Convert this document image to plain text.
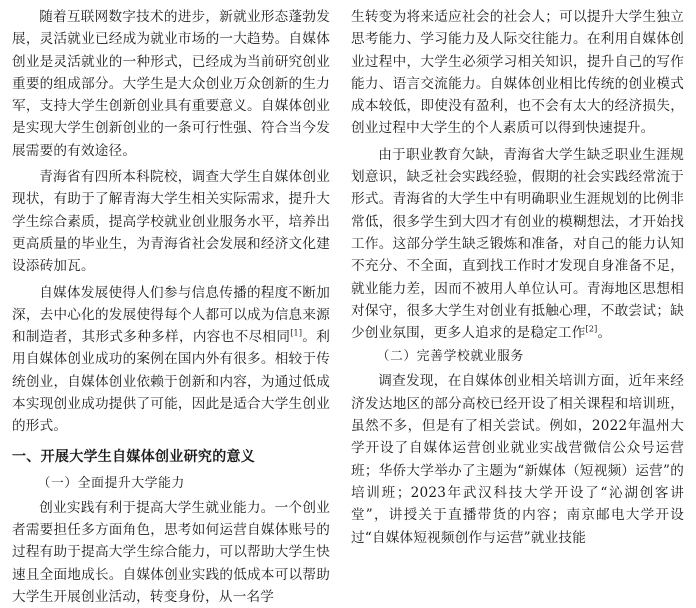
随着互联网数字技术的进步，新就业形态蓬勃发展，灵活就业已经成为就业市场的一大趋势。自媒体创业是灵活就业的一种形式，已经成为当前研究创业重要的组成部分。大学生是大众创业万众创新的生力军，支持大学生创新创业具有重要意义。自媒体创业是实现大学生创新创业的一条可行性强、符合当今发展需要的有效途径。

青海省有四所本科院校，调查大学生自媒体创业现状，有助于了解青海大学生相关实际需求，提升大学生综合素质，提高学校就业创业服务水平，培养出更高质量的毕业生，为青海省社会发展和经济文化建设添砖加瓦。

自媒体发展使得人们参与信息传播的程度不断加深，去中心化的发展使得每个人都可以成为信息来源和制造者，其形式多种多样，内容也不尽相同[1]。利用自媒体创业成功的案例在国内外有很多。相较于传统创业，自媒体创业依赖于创新和内容，为通过低成本实现创业成功提供了可能，因此是适合大学生创业的形式。

一、开展大学生自媒体创业研究的意义
（一）全面提升大学能力

创业实践有利于提高大学生就业能力。一个创业者需要担任多方面角色，思考如何运营自媒体账号的过程有助于提高大学生综合能力，可以帮助大学生快速且全面地成长。自媒体创业实践的低成本可以帮助大学生开展创业活动，转变身份，从一名学

生转变为将来适应社会的社会人；可以提升大学生独立思考能力、学习能力及人际交往能力。在利用自媒体创业过程中，大学生必须学习相关知识，提升自己的写作能力、语言交流能力。自媒体创业相比传统的创业模式成本较低，即使没有盈利，也不会有太大的经济损失，创业过程中大学生的个人素质可以得到快速提升。

由于职业教育欠缺，青海省大学生缺乏职业生涯规划意识，缺乏社会实践经验，假期的社会实践经常流于形式。青海省的大学生中有明确职业生涯规划的比例非常低，很多学生到大四才有创业的模糊想法，才开始找工作。这部分学生缺乏锻炼和准备，对自己的能力认知不充分、不全面，直到找工作时才发现自身准备不足，就业能力差，因而不被用人单位认可。青海地区思想相对保守，很多大学生对创业有抵触心理，不敢尝试；缺少创业氛围，更多人追求的是稳定工作[2]。

（二）完善学校就业服务

调查发现，在自媒体创业相关培训方面，近年来经济发达地区的部分高校已经开设了相关课程和培训班，虽然不多，但是有了相关尝试。例如，2022年温州大学开设了自媒体运营创业就业实战营微信公众号运营班；华侨大学举办了主题为“新媒体（短视频）运营”的培训班；2023年武汉科技大学开设了“沁湖创客讲堂”，讲授关于直播带货的内容；南京邮电大学开设过“自媒体短视频创作与运营”就业技能
